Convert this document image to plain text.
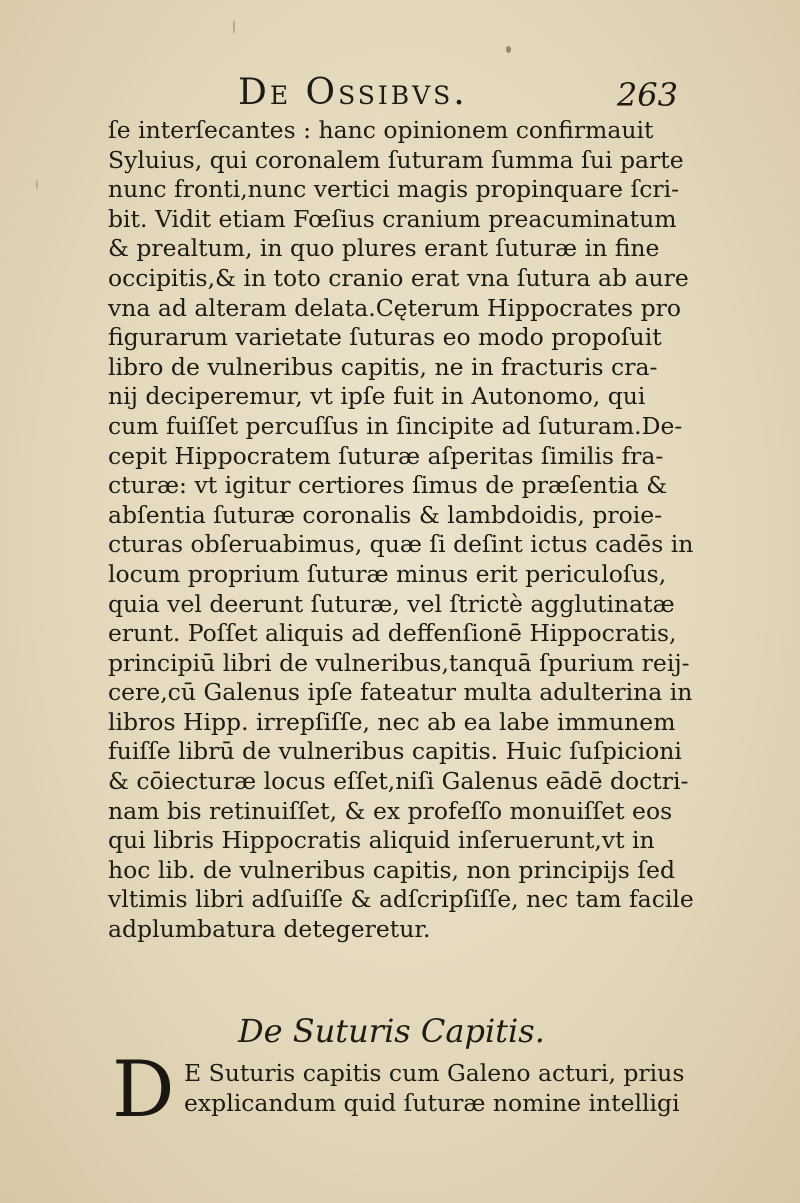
De Ossibvs.	263
ſe interſecantes : hanc opinionem confirmauit
Syluius, qui coronalem ſuturam ſumma ſui parte
nunc fronti,nunc vertici magis propinquare ſcri-
bit. Vidit etiam Fœſius cranium preacuminatum
& prealtum, in quo plures erant ſuturæ in fine
occipitis,& in toto cranio erat vna ſutura ab aure
vna ad alteram delata.Cęterum Hippocrates pro
figurarum varietate ſuturas eo modo propoſuit
libro de vulneribus capitis, ne in fracturis cra-
nij deciperemur, vt ipſe fuit in Autonomo, qui
cum fuiſſet percuſſus in ſincipite ad ſuturam.De-
cepit Hippocratem ſuturæ aſperitas ſimilis fra-
cturæ: vt igitur certiores ſimus de præſentia &
abſentia ſuturæ coronalis & lambdoidis, proie-
cturas obſeruabimus, quæ ſi deſint ictus cadēs in
locum proprium ſuturæ minus erit periculoſus,
quia vel deerunt ſuturæ, vel ſtrictè agglutinatæ
erunt. Poſſet aliquis ad deffenſionē Hippocratis,
principiū libri de vulneribus,tanquā ſpurium reij-
cere,cū Galenus ipſe fateatur multa adulterina in
libros Hipp. irrepſiſſe, nec ab ea labe immunem
fuiſſe librū de vulneribus capitis. Huic ſuſpicioni
& cōiecturæ locus eſſet,niſi Galenus eādē doctri-
nam bis retinuiſſet, & ex profeſſo monuiſſet eos
qui libris Hippocratis aliquid inſeruerunt,vt in
hoc lib. de vulneribus capitis, non principijs ſed
vltimis libri adſuiſſe & adſcripſiſſe, nec tam facile
adplumbatura detegeretur.
De Suturis Capitis.
D E Suturis capitis cum Galeno acturi, prius
explicandum quid ſuturæ nomine intelligi
